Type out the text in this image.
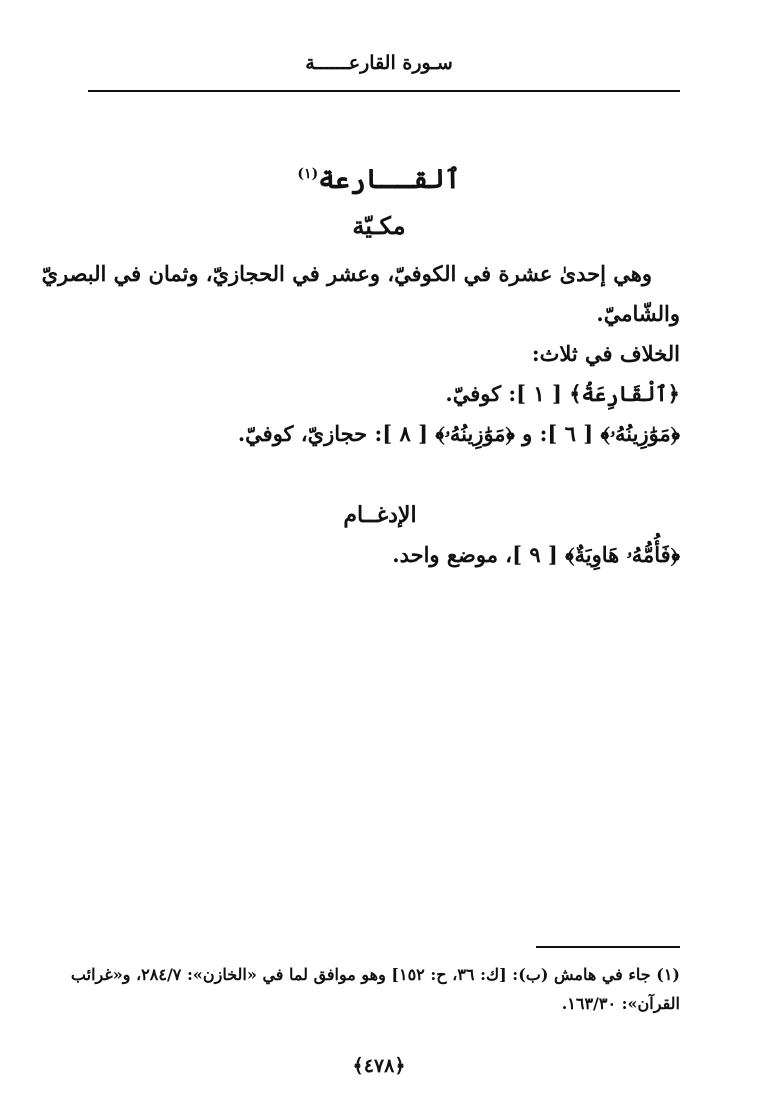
سـورة القارعــــــة
ٱلقــارعة$^{(١)}$
مكـيّة
وهي إحدىٰ عشرة في الكوفيّ، وعشر في الحجازيّ، وثمان في البصريّ
والشّاميّ.
الخلاف في ثلاث:
﴿ٱلْقَارِعَةُ﴾ [ ١ ]: كوفيّ.
﴿مَوَٰزِينُهُۥ﴾ [ ٦ ]: و ﴿مَوَٰزِينُهُۥ﴾ [ ٨ ]: حجازيّ، كوفيّ.
الإدغــام
﴿فَأُمُّهُۥ هَاوِيَةٌ﴾ [ ٩ ]، موضع واحد.
(١) جاء في هامش (ب): [ك: ٣٦، ح: ١٥٢] وهو موافق لما في «الخازن»: ٢٨٤/٧، و«غرائب
القرآن»: ١٦٣/٣٠.
﴿٤٧٨﴾
